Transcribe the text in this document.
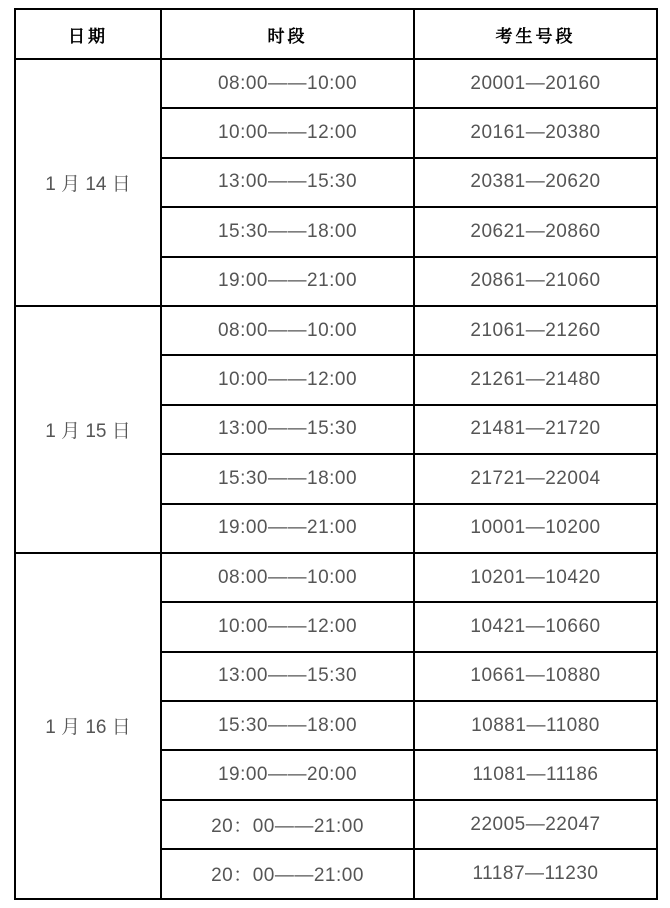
日期	时段	考生号段
1 月 14 日	08:00——10:00	20001—20160
	10:00——12:00	20161—20380
	13:00——15:30	20381—20620
	15:30——18:00	20621—20860
	19:00——21:00	20861—21060
1 月 15 日	08:00——10:00	21061—21260
	10:00——12:00	21261—21480
	13:00——15:30	21481—21720
	15:30——18:00	21721—22004
	19:00——21:00	10001—10200
1 月 16 日	08:00——10:00	10201—10420
	10:00——12:00	10421—10660
	13:00——15:30	10661—10880
	15:30——18:00	10881—11080
	19:00——20:00	11081—11186
	20：00——21:00	22005—22047
	20：00——21:00	11187—11230
